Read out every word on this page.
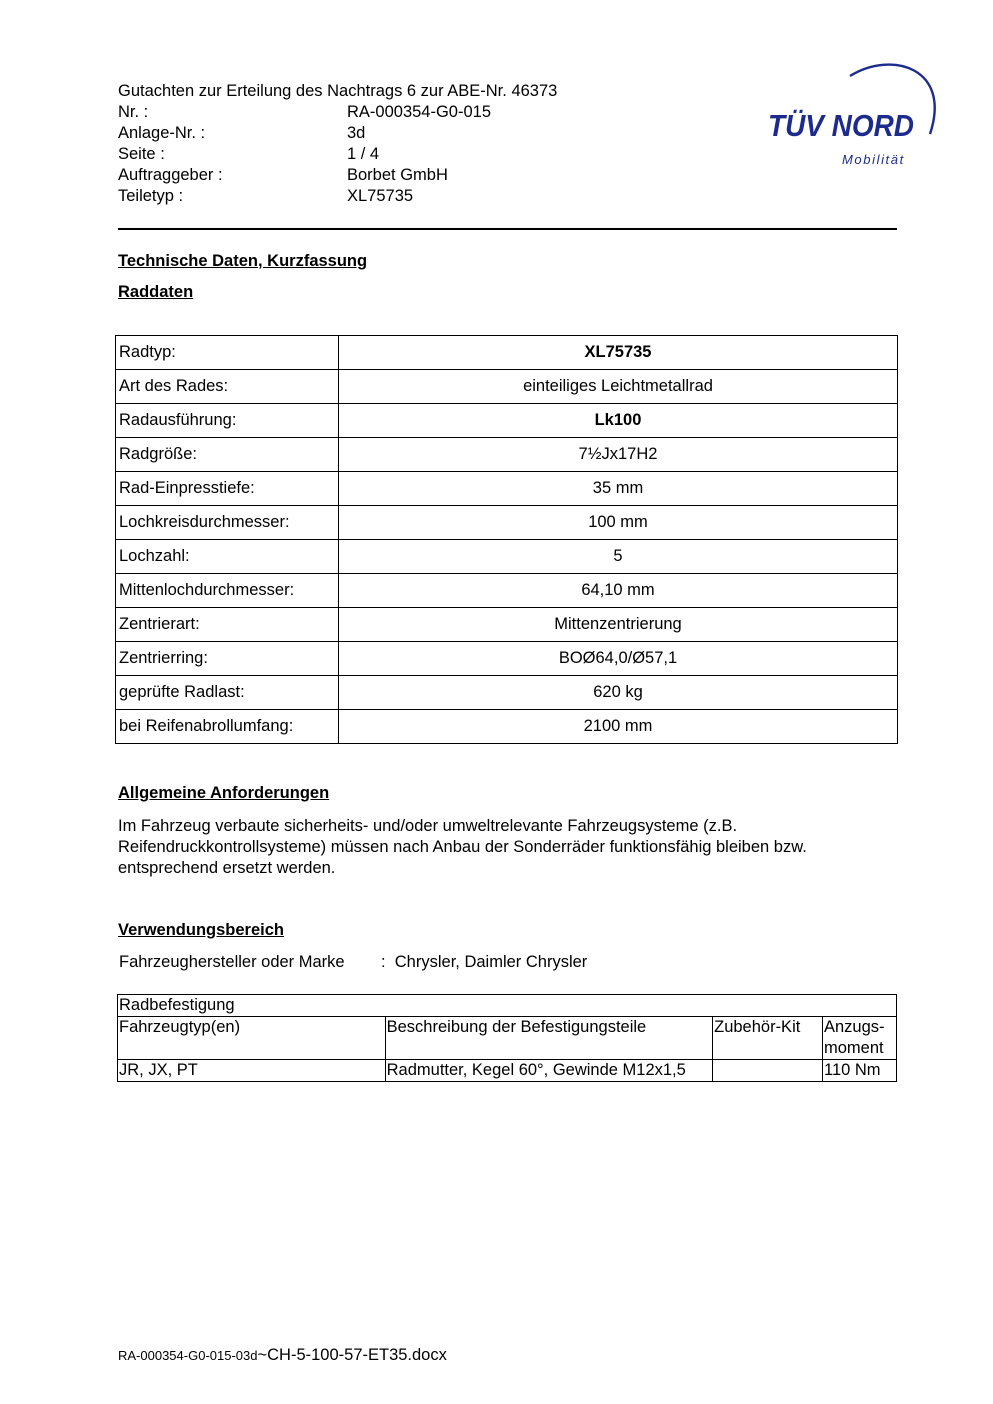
Gutachten zur Erteilung des Nachtrags 6 zur ABE-Nr. 46373
Nr. :	RA-000354-G0-015
Anlage-Nr. :	3d
Seite :	1 / 4
Auftraggeber :	Borbet GmbH
Teiletyp :	XL75735
TÜV NORD
Mobilität
Technische Daten, Kurzfassung
Raddaten
Radtyp:	XL75735
Art des Rades:	einteiliges Leichtmetallrad
Radausführung:	Lk100
Radgröße:	7½Jx17H2
Rad-Einpresstiefe:	35 mm
Lochkreisdurchmesser:	100 mm
Lochzahl:	5
Mittenlochdurchmesser:	64,10 mm
Zentrierart:	Mittenzentrierung
Zentrierring:	BOØ64,0/Ø57,1
geprüfte Radlast:	620 kg
bei Reifenabrollumfang:	2100 mm
Allgemeine Anforderungen
Im Fahrzeug verbaute sicherheits- und/oder umweltrelevante Fahrzeugsysteme (z.B. Reifendruckkontrollsysteme) müssen nach Anbau der Sonderräder funktionsfähig bleiben bzw. entsprechend ersetzt werden.
Verwendungsbereich
Fahrzeughersteller oder Marke : Chrysler, Daimler Chrysler
Radbefestigung			
Fahrzeugtyp(en)	Beschreibung der Befestigungsteile	Zubehör-Kit	Anzugs-moment
JR, JX, PT	Radmutter, Kegel 60°, Gewinde M12x1,5		110 Nm
RA-000354-G0-015-03d~CH-5-100-57-ET35.docx
